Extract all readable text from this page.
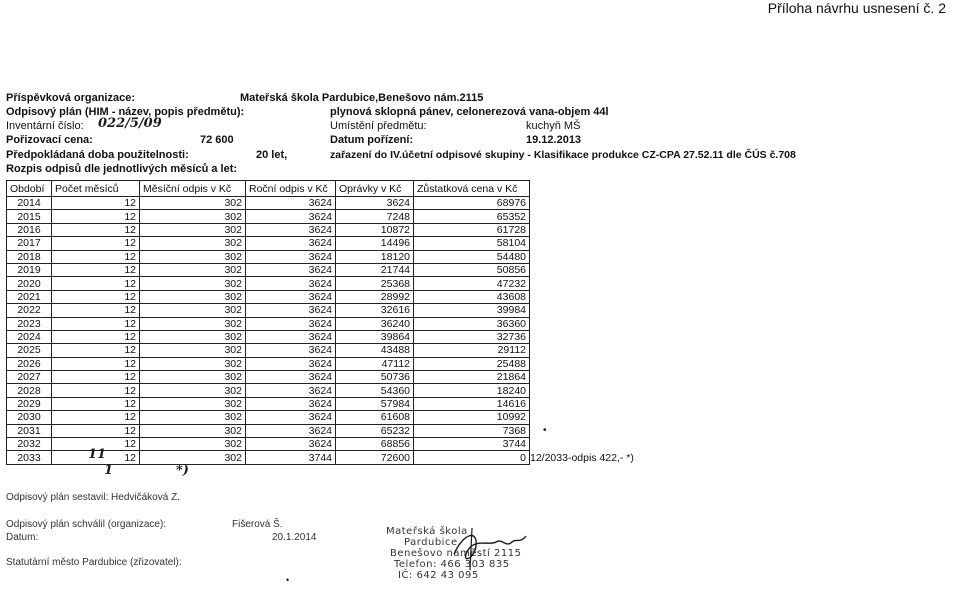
Příloha návrhu usnesení č. 2
Příspěvková organizace:	Mateřská škola Pardubice,Benešovo nám.2115
Odpisový plán (HIM - název, popis předmětu):	plynová sklopná pánev, celonerezová vana-objem 44l
Inventární číslo: 022/5/09	Umístění předmětu:	kuchyň MŠ
Pořizovací cena:	72 600	Datum pořízení:	19.12.2013
Předpokládaná doba použitelnosti:	20 let,	zařazení do IV.účetní odpisové skupiny - Klasifikace produkce CZ-CPA 27.52.11 dle ČÚS č.708
Rozpis odpisů dle jednotlivých měsíců a let:
Období	Počet měsíců	Měsíční odpis v Kč	Roční odpis v Kč	Oprávky v Kč	Zůstatková cena v Kč
2014	12	302	3624	3624	68976
2015	12	302	3624	7248	65352
2016	12	302	3624	10872	61728
2017	12	302	3624	14496	58104
2018	12	302	3624	18120	54480
2019	12	302	3624	21744	50856
2020	12	302	3624	25368	47232
2021	12	302	3624	28992	43608
2022	12	302	3624	32616	39984
2023	12	302	3624	36240	36360
2024	12	302	3624	39864	32736
2025	12	302	3624	43488	29112
2026	12	302	3624	47112	25488
2027	12	302	3624	50736	21864
2028	12	302	3624	54360	18240
2029	12	302	3624	57984	14616
2030	12	302	3624	61608	10992
2031	12	302	3624	65232	7368
2032	12	302	3624	68856	3744
2033	12	302	3744	72600	0
11
1	*)
12/2033-odpis 422,- *)
•
Odpisový plán sestavil: Hedvičáková Z.
Odpisový plán schválil (organizace):	Fišerová Š.
Datum:	20.1.2014
Statutární město Pardubice (zřizovatel):
•
Mateřská škola
Pardubice,
Benešovo náměstí 2115
Telefon: 466 303 835
IČ: 642 43 095
